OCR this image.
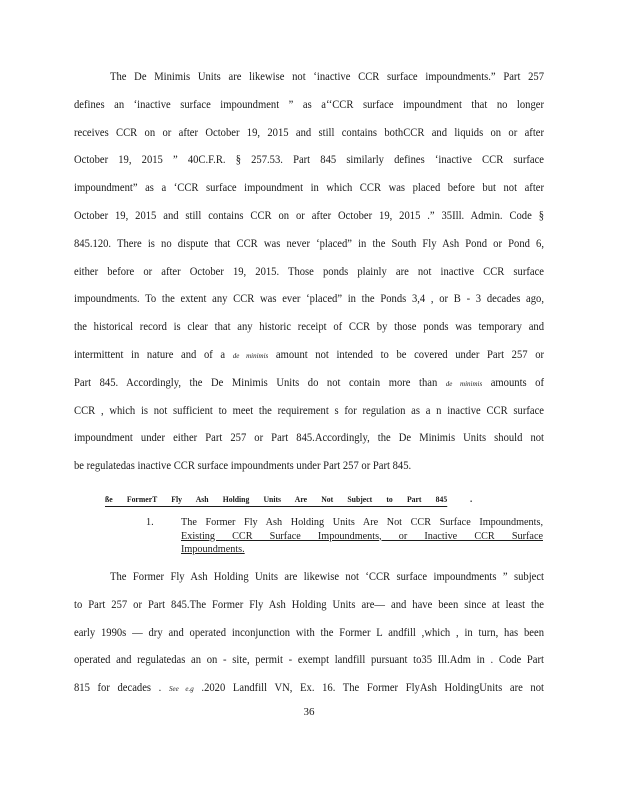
The De Minimis Units are likewise not ‘inactive CCR surface impoundments.” Part 257
defines an ‘inactive surface impoundment ” as a‘‘CCR surface impoundment that no longer
receives CCR on or after October 19, 2015 and still contains bothCCR and liquids on or after
October 19, 2015 ” 40C.F.R. § 257.53. Part 845 similarly defines ‘inactive CCR surface
impoundment” as a ‘CCR surface impoundment in which CCR was placed before but not after
October 19, 2015 and still contains CCR on or after October 19, 2015 .” 35Ill. Admin. Code §
845.120. There is no dispute that CCR was never ‘placed” in the South Fly Ash Pond or Pond 6,
either before or after October 19, 2015. Those ponds plainly are not inactive CCR surface
impoundments. To the extent any CCR was ever ‘placed” in the Ponds 3,4 , or B - 3 decades ago,
the historical record is clear that any historic receipt of CCR by those ponds was temporary and
intermittent in nature and of a de minimis amount not intended to be covered under Part 257 or
Part 845. Accordingly, the De Minimis Units do not contain more than de minimis amounts of
CCR , which is not sufficient to meet the requirement s for regulation as a n inactive CCR surface
impoundment under either Part 257 or Part 845.Accordingly, the De Minimis Units should not
be regulatedas inactive CCR surface impoundments under Part 257 or Part 845.
ße FormerT Fly Ash Holding Units Are Not Subject to Part 845	.
1.	The Former Fly Ash Holding Units Are Not CCR Surface Impoundments,
Existing CCR Surface Impoundments, or Inactive CCR Surface
Impoundments.
The Former Fly Ash Holding Units are likewise not ‘CCR surface impoundments ” subject
to Part 257 or Part 845.The Former Fly Ash Holding Units are— and have been since at least the
early 1990s — dry and operated inconjunction with the Former L andfill ,which , in turn, has been
operated and regulatedas an on - site, permit - exempt landfill pursuant to35 Ill.Adm in . Code Part
815 for decades . See e.g .2020 Landfill VN, Ex. 16. The Former FlyAsh HoldingUnits are not
36
